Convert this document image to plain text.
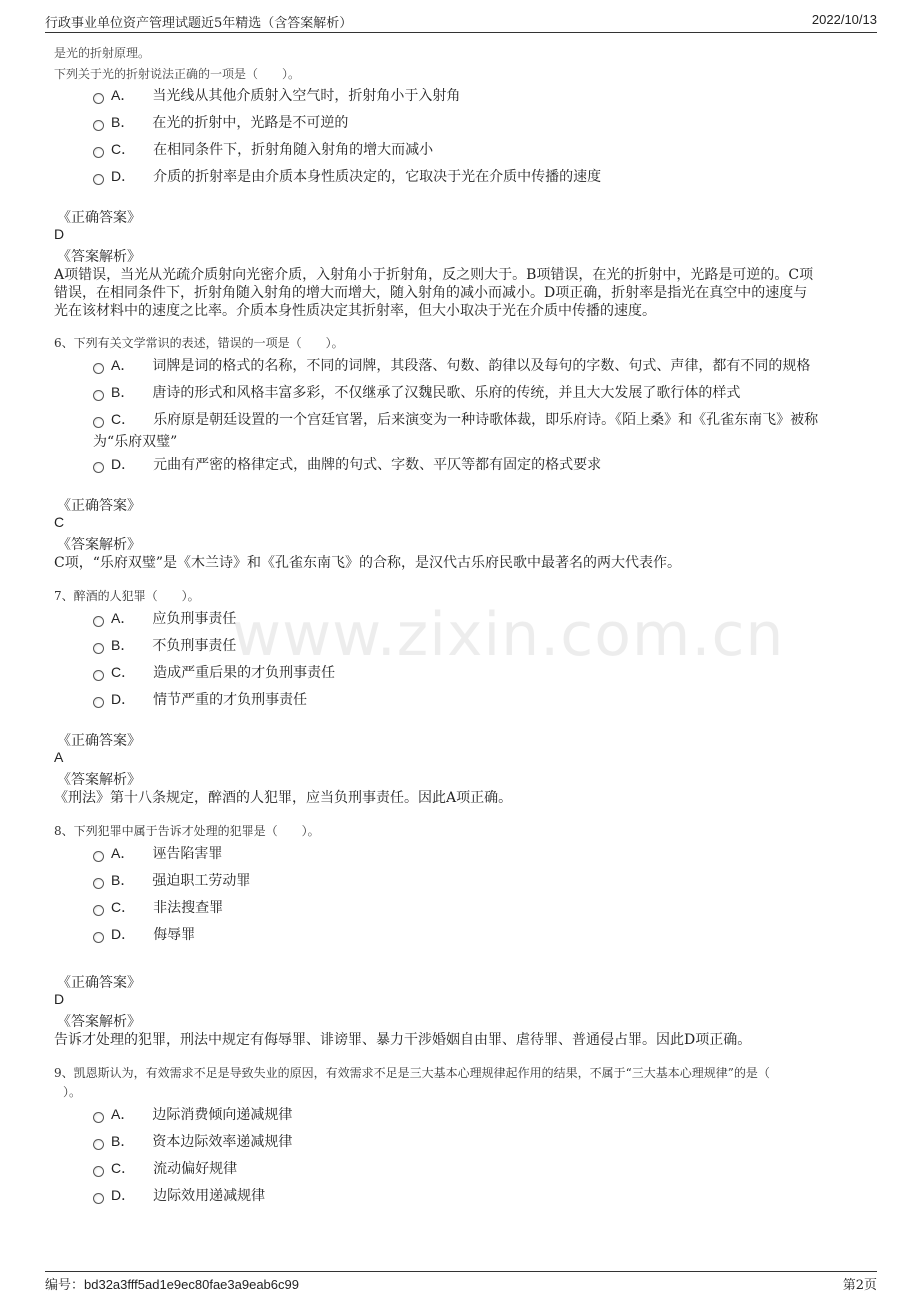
行政事业单位资产管理试题近5年精选（含答案解析）	2022/10/13
www.zixin.com.cn
是光的折射原理。
下列关于光的折射说法正确的一项是（　　）。
A． 当光线从其他介质射入空气时，折射角小于入射角
B． 在光的折射中，光路是不可逆的
C． 在相同条件下，折射角随入射角的增大而减小
D． 介质的折射率是由介质本身性质决定的，它取决于光在介质中传播的速度
《正确答案》
D
《答案解析》
A项错误，当光从光疏介质射向光密介质，入射角小于折射角，反之则大于。B项错误，在光的折射中，光路是可逆的。C项
错误，在相同条件下，折射角随入射角的增大而增大，随入射角的减小而减小。D项正确，折射率是指光在真空中的速度与
光在该材料中的速度之比率。介质本身性质决定其折射率，但大小取决于光在介质中传播的速度。
6、下列有关文学常识的表述，错误的一项是（　　）。
A． 词牌是词的格式的名称，不同的词牌，其段落、句数、韵律以及每句的字数、句式、声律，都有不同的规格
B． 唐诗的形式和风格丰富多彩，不仅继承了汉魏民歌、乐府的传统，并且大大发展了歌行体的样式
C． 乐府原是朝廷设置的一个宫廷官署，后来演变为一种诗歌体裁，即乐府诗。《陌上桑》和《孔雀东南飞》被称
为“乐府双璧”
D． 元曲有严密的格律定式，曲牌的句式、字数、平仄等都有固定的格式要求
《正确答案》
C
《答案解析》
C项，“乐府双璧”是《木兰诗》和《孔雀东南飞》的合称，是汉代古乐府民歌中最著名的两大代表作。
7、醉酒的人犯罪（　　）。
A． 应负刑事责任
B． 不负刑事责任
C． 造成严重后果的才负刑事责任
D． 情节严重的才负刑事责任
《正确答案》
A
《答案解析》
《刑法》第十八条规定，醉酒的人犯罪，应当负刑事责任。因此A项正确。
8、下列犯罪中属于告诉才处理的犯罪是（　　）。
A． 诬告陷害罪
B． 强迫职工劳动罪
C． 非法搜查罪
D． 侮辱罪
《正确答案》
D
《答案解析》
告诉才处理的犯罪，刑法中规定有侮辱罪、诽谤罪、暴力干涉婚姻自由罪、虐待罪、普通侵占罪。因此D项正确。
9、凯恩斯认为，有效需求不足是导致失业的原因，有效需求不足是三大基本心理规律起作用的结果，不属于“三大基本心理规律”的是（
）。
A． 边际消费倾向递减规律
B． 资本边际效率递减规律
C． 流动偏好规律
D． 边际效用递减规律
编号：bd32a3fff5ad1e9ec80fae3a9eab6c99	第2页
